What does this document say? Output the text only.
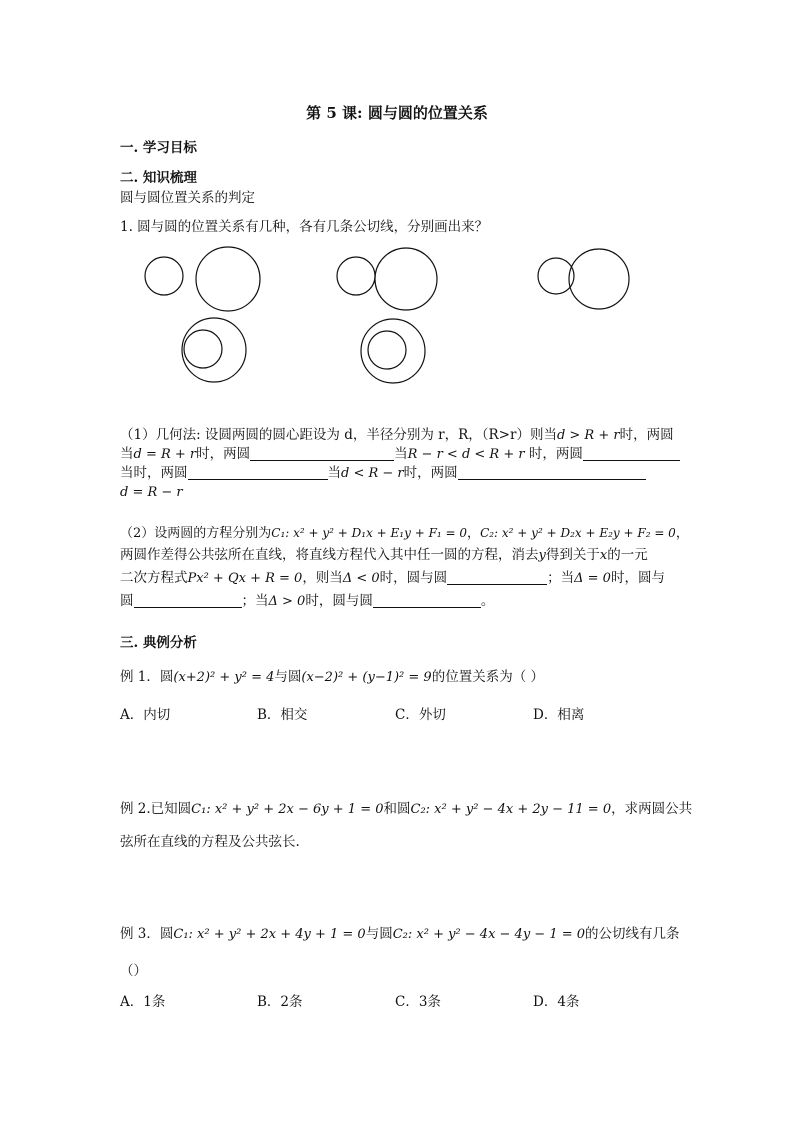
第 5 课: 圆与圆的位置关系
一. 学习目标
二. 知识梳理
圆与圆位置关系的判定
1. 圆与圆的位置关系有几种，各有几条公切线，分别画出来？
（1）几何法: 设圆两圆的圆心距设为 d，半径分别为 r，R，（R>r）则当d > R + r时，两圆
当d = R + r时，两圆	当R − r < d < R + r 时，两圆
当时，两圆	当d < R − r时，两圆
d = R − r
（2）设两圆的方程分别为C₁: x² + y² + D₁x + E₁y + F₁ = 0，C₂: x² + y² + D₂x + E₂y + F₂ = 0，
两圆作差得公共弦所在直线，将直线方程代入其中任一圆的方程，消去y得到关于x的一元
二次方程式Px² + Qx + R = 0，则当Δ < 0时，圆与圆	；当Δ = 0时，圆与
圆	；当Δ > 0时，圆与圆	。
三. 典例分析
例 1．圆(x+2)² + y² = 4与圆(x−2)² + (y−1)² = 9的位置关系为（ ）
A．内切	B．相交	C．外切	D．相离
例 2.已知圆C₁: x² + y² + 2x − 6y + 1 = 0和圆C₂: x² + y² − 4x + 2y − 11 = 0，求两圆公共
弦所在直线的方程及公共弦长.
例 3．圆C₁: x² + y² + 2x + 4y + 1 = 0与圆C₂: x² + y² − 4x − 4y − 1 = 0的公切线有几条
（）
A．1条	B．2条	C．3条	D．4条
